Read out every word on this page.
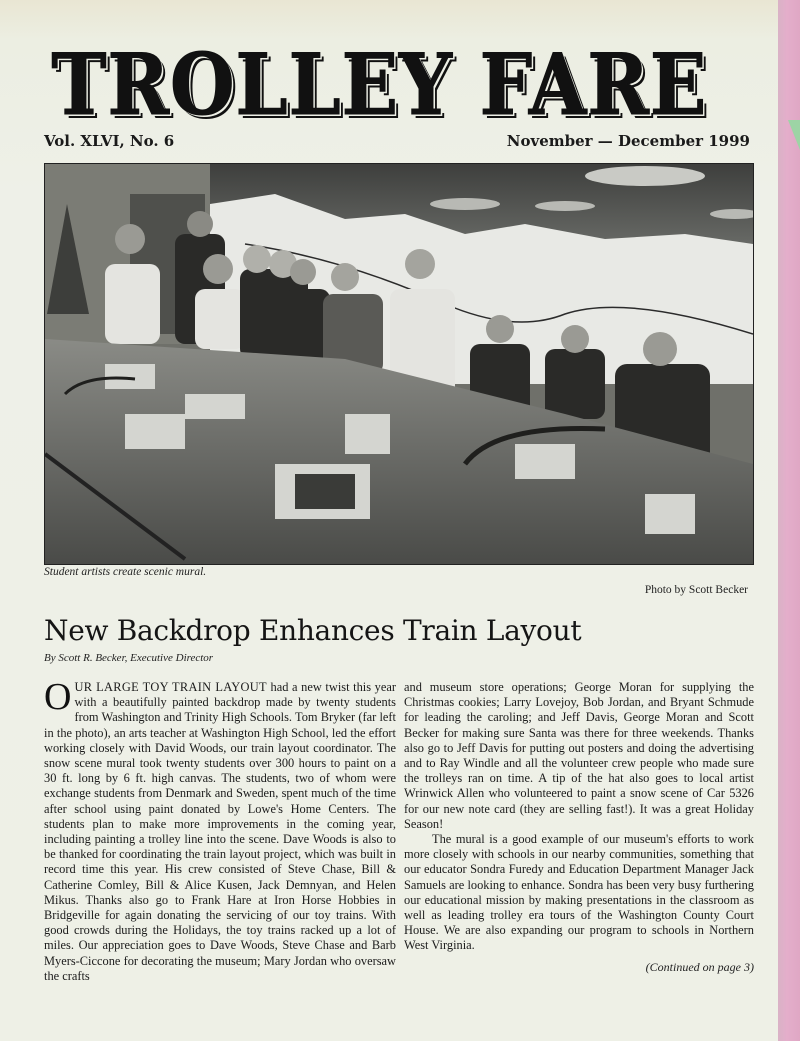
TROLLEY FARE
Vol. XLVI, No. 6	November — December 1999
Student artists create scenic mural.
Photo by Scott Becker
New Backdrop Enhances Train Layout
By Scott R. Becker, Executive Director
OUR LARGE TOY TRAIN LAYOUT had a new twist this year with a beautifully painted backdrop made by twenty students from Washington and Trinity High Schools. Tom Bryker (far left in the photo), an arts teacher at Washington High School, led the effort working closely with David Woods, our train layout coordinator. The snow scene mural took twenty students over 300 hours to paint on a 30 ft. long by 6 ft. high canvas. The students, two of whom were exchange students from Denmark and Sweden, spent much of the time after school using paint donated by Lowe's Home Centers. The students plan to make more improvements in the coming year, including painting a trolley line into the scene. Dave Woods is also to be thanked for coordinating the train layout project, which was built in record time this year. His crew consisted of Steve Chase, Bill & Catherine Comley, Bill & Alice Kusen, Jack Demnyan, and Helen Mikus. Thanks also go to Frank Hare at Iron Horse Hobbies in Bridgeville for again donating the servicing of our toy trains. With good crowds during the Holidays, the toy trains racked up a lot of miles. Our appreciation goes to Dave Woods, Steve Chase and Barb Myers-Ciccone for decorating the museum; Mary Jordan who oversaw the crafts

and museum store operations; George Moran for supplying the Christmas cookies; Larry Lovejoy, Bob Jordan, and Bryant Schmude for leading the caroling; and Jeff Davis, George Moran and Scott Becker for making sure Santa was there for three weekends. Thanks also go to Jeff Davis for putting out posters and doing the advertising and to Ray Windle and all the volunteer crew people who made sure the trolleys ran on time. A tip of the hat also goes to local artist Wrinwick Allen who volunteered to paint a snow scene of Car 5326 for our new note card (they are selling fast!). It was a great Holiday Season!

The mural is a good example of our museum's efforts to work more closely with schools in our nearby communities, something that our educator Sondra Furedy and Education Department Manager Jack Samuels are looking to enhance. Sondra has been very busy furthering our educational mission by making presentations in the classroom as well as leading trolley era tours of the Washington County Court House. We are also expanding our program to schools in Northern West Virginia.

(Continued on page 3)
